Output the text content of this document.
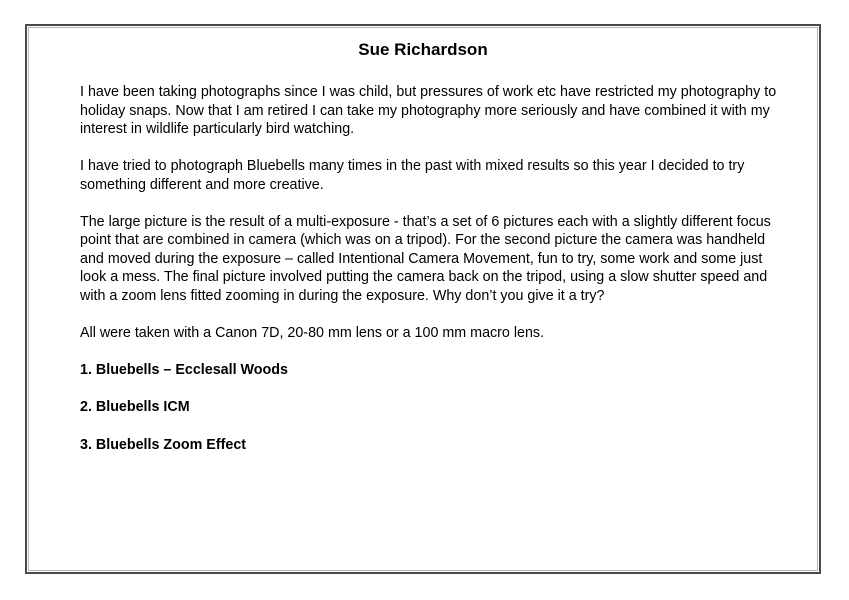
Sue Richardson

I have been taking photographs since I was child, but pressures of work etc have restricted my photography to holiday snaps. Now that I am retired I can take my photography more seriously and have combined it with my interest in wildlife particularly bird watching.

I have tried to photograph Bluebells many times in the past with mixed results so this year I decided to try something different and more creative.

The large picture is the result of a multi-exposure - that’s a set of 6 pictures each with a slightly different focus point that are combined in camera (which was on a tripod). For the second picture the camera was handheld and moved during the exposure – called Intentional Camera Movement, fun to try, some work and some just look a mess. The final picture involved putting the camera back on the tripod, using a slow shutter speed and with a zoom lens fitted zooming in during the exposure. Why don’t you give it a try?

All were taken with a Canon 7D, 20-80 mm lens or a 100 mm macro lens.

1. Bluebells – Ecclesall Woods

2. Bluebells ICM

3. Bluebells Zoom Effect
